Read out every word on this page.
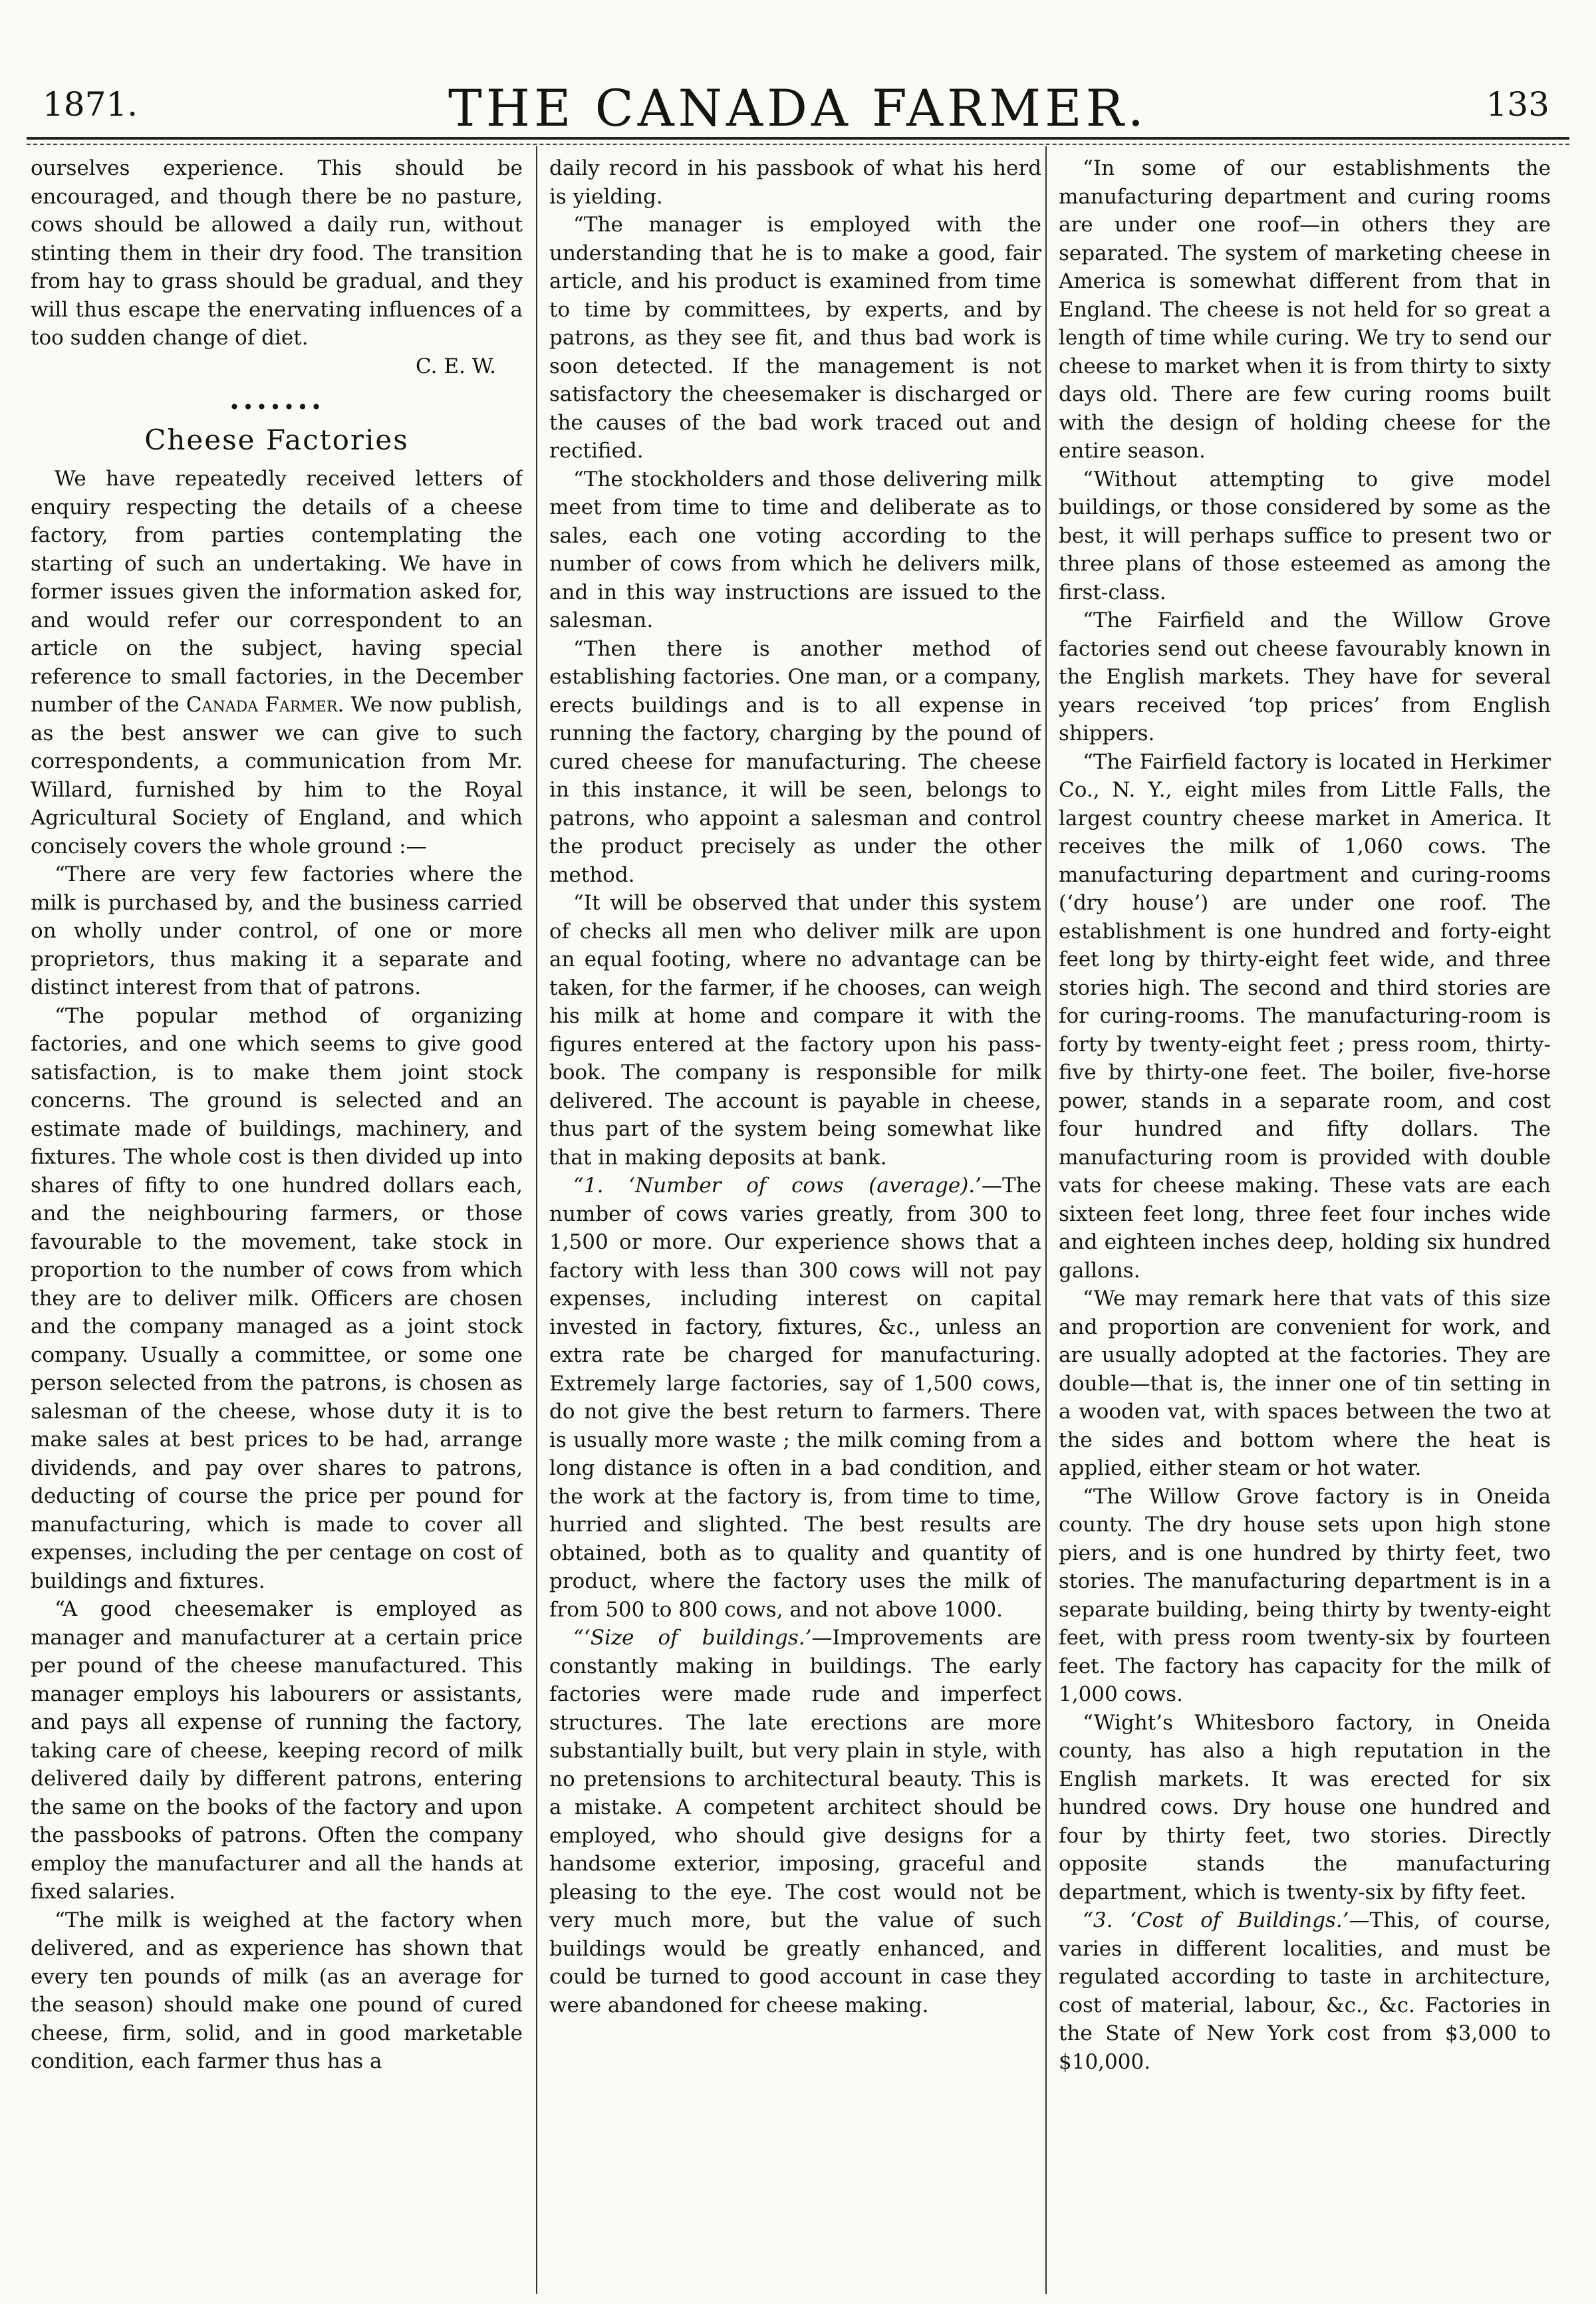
1871.	THE CANADA FARMER.	133

ourselves experience. This should be encouraged, and though there be no pasture, cows should be allowed a daily run, without stinting them in their dry food. The transition from hay to grass should be gradual, and they will thus escape the enervating influences of a too sudden change of diet.

C. E. W.

•••••••
Cheese Factories

We have repeatedly received letters of enquiry respecting the details of a cheese factory, from parties contemplating the starting of such an undertaking. We have in former issues given the information asked for, and would refer our correspondent to an article on the subject, having special reference to small factories, in the December number of the Canada Farmer. We now publish, as the best answer we can give to such correspondents, a communication from Mr. Willard, furnished by him to the Royal Agricultural Society of England, and which concisely covers the whole ground :—

“There are very few factories where the milk is purchased by, and the business carried on wholly under control, of one or more proprietors, thus making it a separate and distinct interest from that of patrons.

“The popular method of organizing factories, and one which seems to give good satisfaction, is to make them joint stock concerns. The ground is selected and an estimate made of buildings, machinery, and fixtures. The whole cost is then divided up into shares of fifty to one hundred dollars each, and the neighbouring farmers, or those favourable to the movement, take stock in proportion to the number of cows from which they are to deliver milk. Officers are chosen and the company managed as a joint stock company. Usually a committee, or some one person selected from the patrons, is chosen as salesman of the cheese, whose duty it is to make sales at best prices to be had, arrange dividends, and pay over shares to patrons, deducting of course the price per pound for manufacturing, which is made to cover all expenses, including the per centage on cost of buildings and fixtures.

“A good cheesemaker is employed as manager and manufacturer at a certain price per pound of the cheese manufactured. This manager employs his labourers or assistants, and pays all expense of running the factory, taking care of cheese, keeping record of milk delivered daily by different patrons, entering the same on the books of the factory and upon the passbooks of patrons. Often the company employ the manufacturer and all the hands at fixed salaries.

“The milk is weighed at the factory when delivered, and as experience has shown that every ten pounds of milk (as an average for the season) should make one pound of cured cheese, firm, solid, and in good marketable condition, each farmer thus has a

daily record in his passbook of what his herd is yielding.

“The manager is employed with the understanding that he is to make a good, fair article, and his product is examined from time to time by committees, by experts, and by patrons, as they see fit, and thus bad work is soon detected. If the management is not satisfactory the cheesemaker is discharged or the causes of the bad work traced out and rectified.

“The stockholders and those delivering milk meet from time to time and deliberate as to sales, each one voting according to the number of cows from which he delivers milk, and in this way instructions are issued to the salesman.

“Then there is another method of establishing factories. One man, or a company, erects buildings and is to all expense in running the factory, charging by the pound of cured cheese for manufacturing. The cheese in this instance, it will be seen, belongs to patrons, who appoint a salesman and control the product precisely as under the other method.

“It will be observed that under this system of checks all men who deliver milk are upon an equal footing, where no advantage can be taken, for the farmer, if he chooses, can weigh his milk at home and compare it with the figures entered at the factory upon his pass-book. The company is responsible for milk delivered. The account is payable in cheese, thus part of the system being somewhat like that in making deposits at bank.

“1. ‘Number of cows (average).’—The number of cows varies greatly, from 300 to 1,500 or more. Our experience shows that a factory with less than 300 cows will not pay expenses, including interest on capital invested in factory, fixtures, &c., unless an extra rate be charged for manufacturing. Extremely large factories, say of 1,500 cows, do not give the best return to farmers. There is usually more waste ; the milk coming from a long distance is often in a bad condition, and the work at the factory is, from time to time, hurried and slighted. The best results are obtained, both as to quality and quantity of product, where the factory uses the milk of from 500 to 800 cows, and not above 1000.

“‘Size of buildings.’—Improvements are constantly making in buildings. The early factories were made rude and imperfect structures. The late erections are more substantially built, but very plain in style, with no pretensions to architectural beauty. This is a mistake. A competent architect should be employed, who should give designs for a handsome exterior, imposing, graceful and pleasing to the eye. The cost would not be very much more, but the value of such buildings would be greatly enhanced, and could be turned to good account in case they were abandoned for cheese making.

“In some of our establishments the manufacturing department and curing rooms are under one roof—in others they are separated. The system of marketing cheese in America is somewhat different from that in England. The cheese is not held for so great a length of time while curing. We try to send our cheese to market when it is from thirty to sixty days old. There are few curing rooms built with the design of holding cheese for the entire season.

“Without attempting to give model buildings, or those considered by some as the best, it will perhaps suffice to present two or three plans of those esteemed as among the first-class.

“The Fairfield and the Willow Grove factories send out cheese favourably known in the English markets. They have for several years received ‘top prices’ from English shippers.

“The Fairfield factory is located in Herkimer Co., N. Y., eight miles from Little Falls, the largest country cheese market in America. It receives the milk of 1,060 cows. The manufacturing department and curing-rooms (‘dry house’) are under one roof. The establishment is one hundred and forty-eight feet long by thirty-eight feet wide, and three stories high. The second and third stories are for curing-rooms. The manufacturing-room is forty by twenty-eight feet ; press room, thirty-five by thirty-one feet. The boiler, five-horse power, stands in a separate room, and cost four hundred and fifty dollars. The manufacturing room is provided with double vats for cheese making. These vats are each sixteen feet long, three feet four inches wide and eighteen inches deep, holding six hundred gallons.

“We may remark here that vats of this size and proportion are convenient for work, and are usually adopted at the factories. They are double—that is, the inner one of tin setting in a wooden vat, with spaces between the two at the sides and bottom where the heat is applied, either steam or hot water.

“The Willow Grove factory is in Oneida county. The dry house sets upon high stone piers, and is one hundred by thirty feet, two stories. The manufacturing department is in a separate building, being thirty by twenty-eight feet, with press room twenty-six by fourteen feet. The factory has capacity for the milk of 1,000 cows.

“Wight’s Whitesboro factory, in Oneida county, has also a high reputation in the English markets. It was erected for six hundred cows. Dry house one hundred and four by thirty feet, two stories. Directly opposite stands the manufacturing department, which is twenty-six by fifty feet.

“3. ‘Cost of Buildings.’—This, of course, varies in different localities, and must be regulated according to taste in architecture, cost of material, labour, &c., &c. Factories in the State of New York cost from $3,000 to $10,000.
